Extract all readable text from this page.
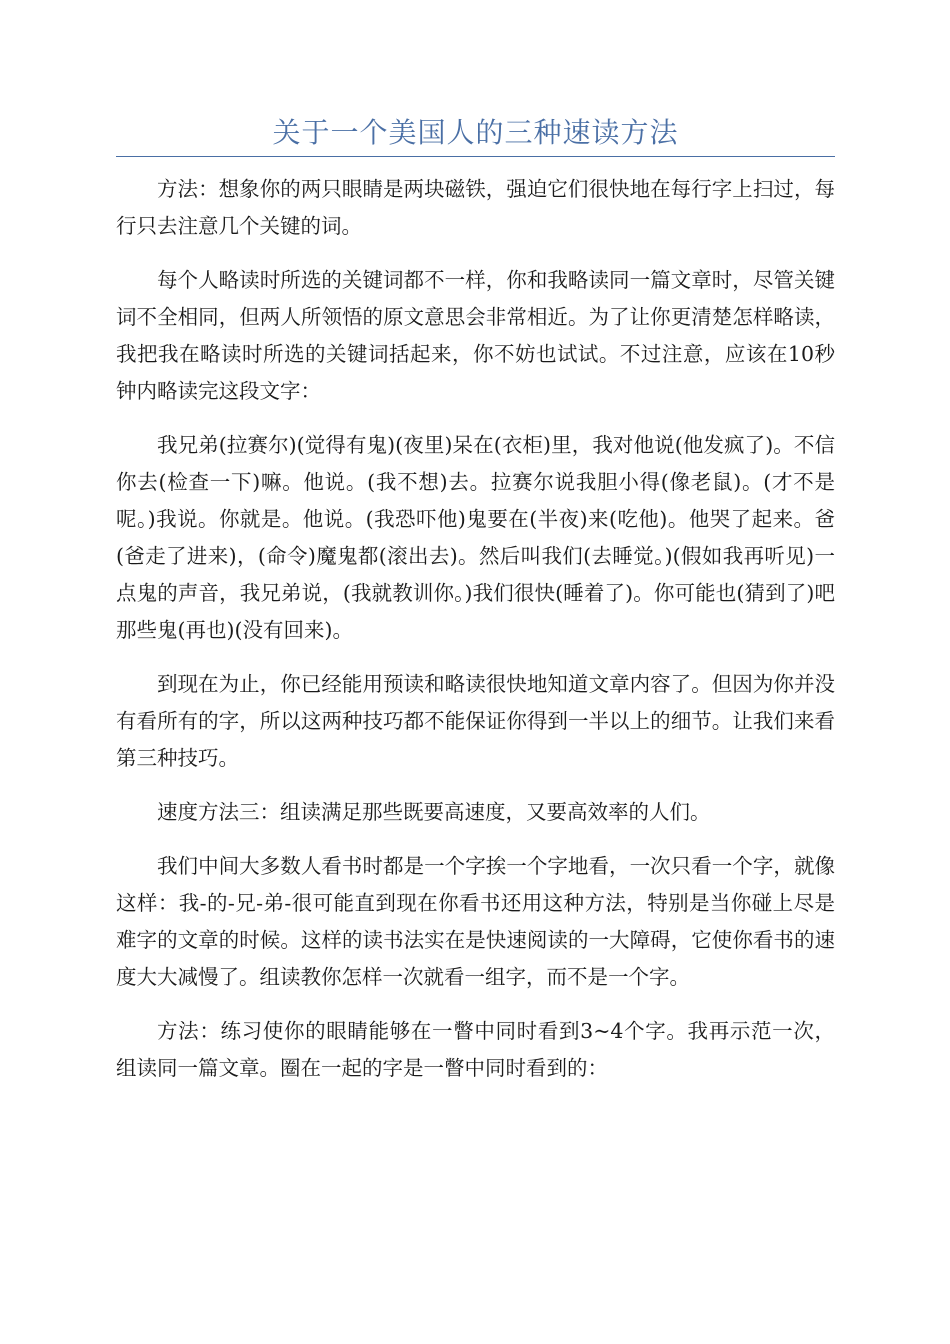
关于一个美国人的三种速读方法

方法：想象你的两只眼睛是两块磁铁，强迫它们很快地在每行字上扫过，每行只去注意几个关键的词。

每个人略读时所选的关键词都不一样，你和我略读同一篇文章时，尽管关键词不全相同，但两人所领悟的原文意思会非常相近。为了让你更清楚怎样略读，我把我在略读时所选的关键词括起来，你不妨也试试。不过注意，应该在10秒钟内略读完这段文字：

我兄弟(拉赛尔)(觉得有鬼)(夜里)呆在(衣柜)里，我对他说(他发疯了)。不信你去(检查一下)嘛。他说。(我不想)去。拉赛尔说我胆小得(像老鼠)。(才不是呢。)我说。你就是。他说。(我恐吓他)鬼要在(半夜)来(吃他)。他哭了起来。爸(爸走了进来)，(命令)魔鬼都(滚出去)。然后叫我们(去睡觉。)(假如我再听见)一点鬼的声音，我兄弟说，(我就教训你。)我们很快(睡着了)。你可能也(猜到了)吧那些鬼(再也)(没有回来)。

到现在为止，你已经能用预读和略读很快地知道文章内容了。但因为你并没有看所有的字，所以这两种技巧都不能保证你得到一半以上的细节。让我们来看第三种技巧。

速度方法三：组读满足那些既要高速度，又要高效率的人们。

我们中间大多数人看书时都是一个字挨一个字地看，一次只看一个字，就像这样：我-的-兄-弟-很可能直到现在你看书还用这种方法，特别是当你碰上尽是难字的文章的时候。这样的读书法实在是快速阅读的一大障碍，它使你看书的速度大大减慢了。组读教你怎样一次就看一组字，而不是一个字。

方法：练习使你的眼睛能够在一瞥中同时看到3~4个字。我再示范一次，组读同一篇文章。圈在一起的字是一瞥中同时看到的：
